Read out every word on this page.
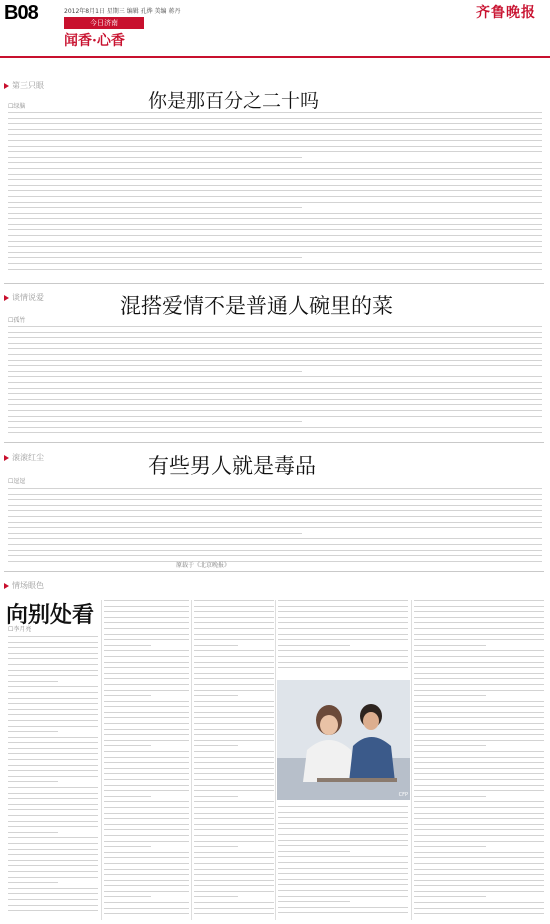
B08	2012年8月1日 星期三 编辑 孔烨 美编 蒋丹
今日济南
闻香·心香
齐鲁晚报
第三只眼
你是那百分之二十吗
☐绿脑
谈情说爱	混搭爱情不是普通人碗里的菜
☐孤竹
滚滚红尘	有些男人就是毒品
☐逗逗
原载于《北京晚报》
情场眼色
向别处看
☐李月亮
CFP
